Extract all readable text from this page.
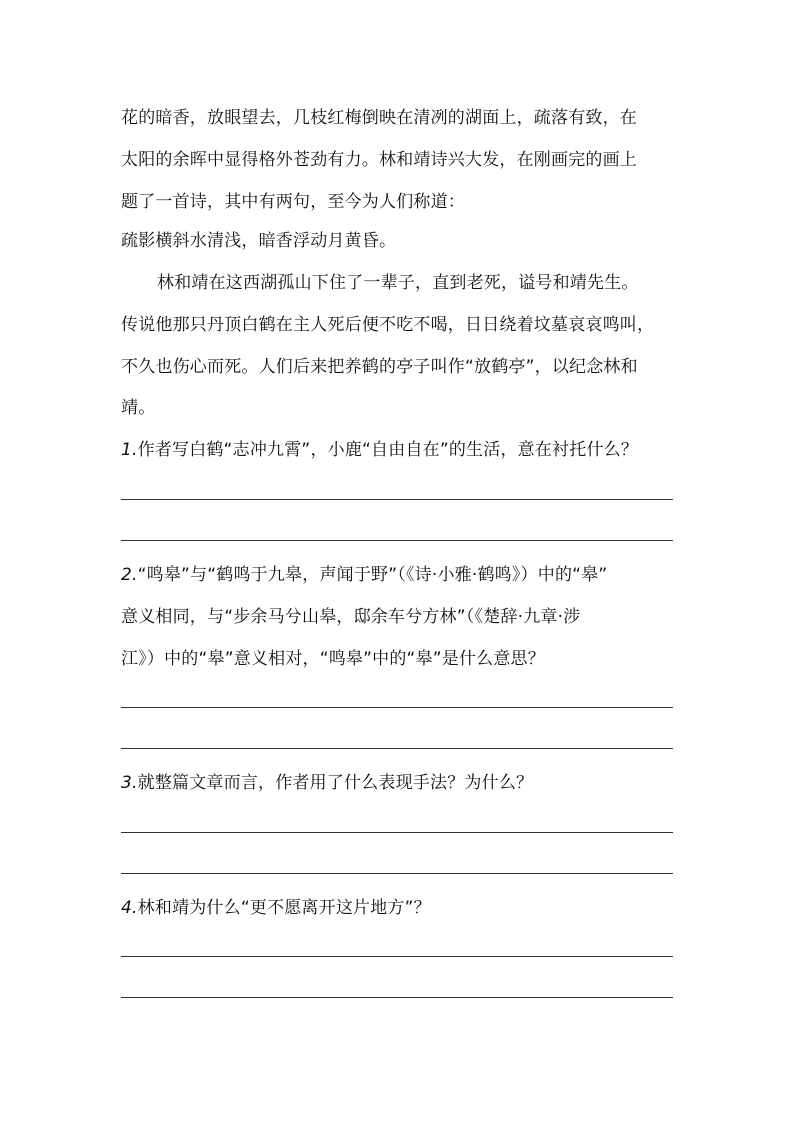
花的暗香，放眼望去，几枝红梅倒映在清冽的湖面上，疏落有致，在
太阳的余晖中显得格外苍劲有力。林和靖诗兴大发，在刚画完的画上
题了一首诗，其中有两句，至今为人们称道：
疏影横斜水清浅，暗香浮动月黄昏。
林和靖在这西湖孤山下住了一辈子，直到老死，谥号和靖先生。
传说他那只丹顶白鹤在主人死后便不吃不喝，日日绕着坟墓哀哀鸣叫，
不久也伤心而死。人们后来把养鹤的亭子叫作“放鹤亭”，以纪念林和
靖。
1.作者写白鹤“志冲九霄”，小鹿“自由自在”的生活，意在衬托什么？
2.“鸣皋”与“鹤鸣于九皋，声闻于野”（《诗·小雅·鹤鸣》）中的“皋”
意义相同，与“步余马兮山皋，邸余车兮方林”（《楚辞·九章·涉
江》）中的“皋”意义相对，“鸣皋”中的“皋”是什么意思？
3.就整篇文章而言，作者用了什么表现手法？为什么？
4.林和靖为什么“更不愿离开这片地方”？
